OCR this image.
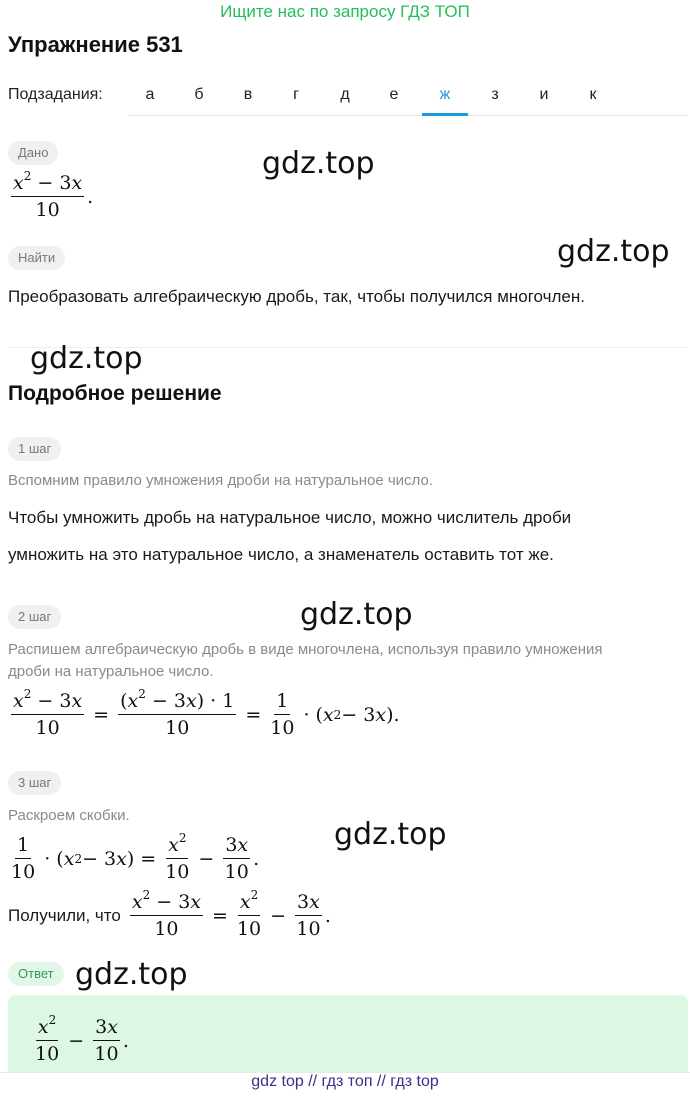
Ищите нас по запросу ГДЗ ТОП
Упражнение 531
Подзадания:	а	б	в	г	д	е	ж	з	и	к
Дано
$\frac{x^2 - 3x}{10}$ .
gdz.top
gdz.top
Найти
Преобразовать алгебраическую дробь, так, чтобы получился многочлен.
gdz.top
Подробное решение
1 шаг
Вспомним правило умножения дроби на натуральное число.
Чтобы умножить дробь на натуральное число, можно числитель дроби
умножить на это натуральное число, а знаменатель оставить тот же.
2 шаг	gdz.top
Распишем алгебраическую дробь в виде многочлена, используя правило умножения
дроби на натуральное число.
$\frac{x^2 - 3x}{10} = \frac{(x^2 - 3x) \cdot 1}{10} = \frac{1}{10}$ · ( x 2 − 3 x ).
3 шаг
Раскроем скобки.
gdz.top
$\frac{1}{10}$ · ( x 2 − 3 x ) = $\frac{x^2}{10} - \frac{3x}{10}$ .
Получили, что $\frac{x^2 - 3x}{10} = \frac{x^2}{10} - \frac{3x}{10}$ .
Ответ gdz.top
$\frac{x^2}{10} - \frac{3x}{10}$ .
gdz top // гдз топ // гдз top
